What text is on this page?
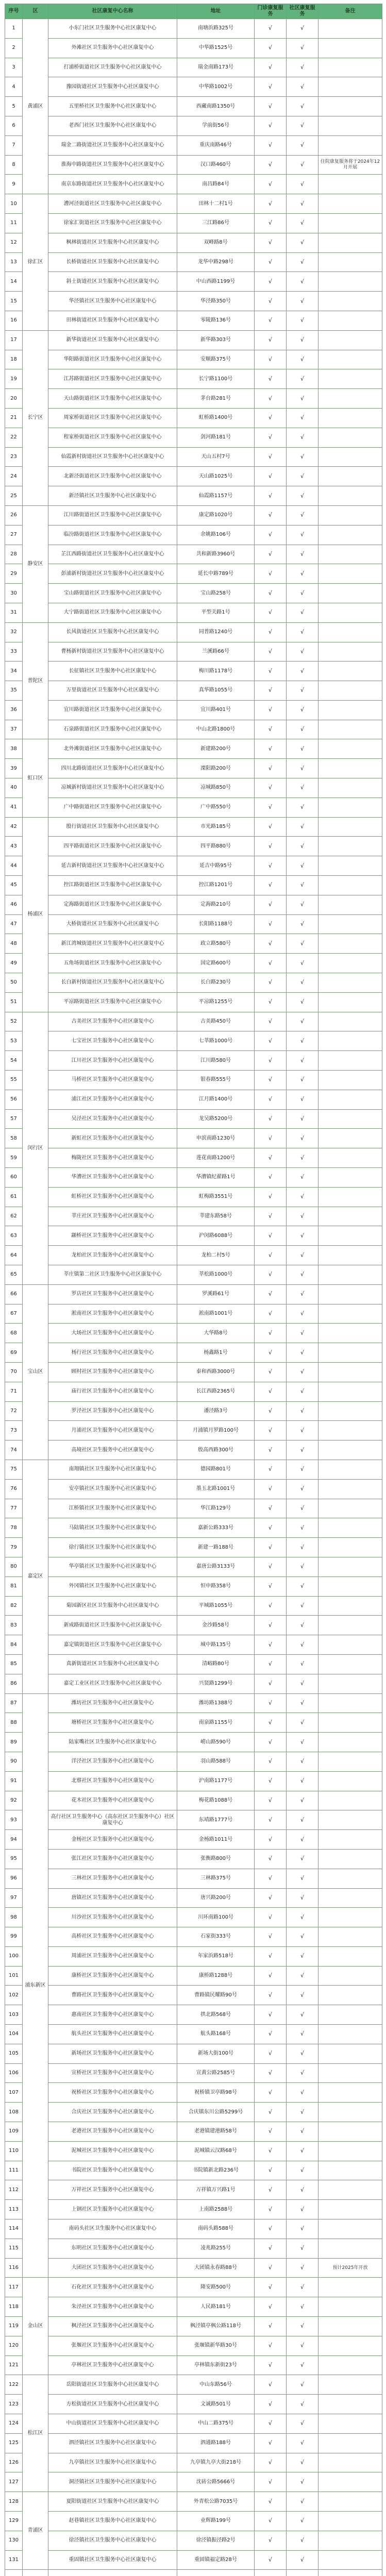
序号	区	社区康复中心名称	地址	门诊康复服务	社区康复服务	备注
1	黄浦区	小东门社区卫生服务中心社区康复中心	南塘浜路325号	√	√	
2		外滩社区卫生服务中心社区康复中心	中华路1525号	√	√	
3		打浦桥街道社区卫生服务中心社区康复中心	瑞金南路173号	√	√	
4		豫园街道社区卫生服务中心社区康复中心	中华路1002号	√	√	
5		五里桥社区卫生服务中心社区康复中心	西藏南路1350号	√	√	
6		老西门社区卫生服务中心社区康复中心	学前街56号	√	√	
7		瑞金二路街道社区卫生服务中心社区康复中心	重庆南路46号	√	√	
8		淮海中路街道社区卫生服务中心社区康复中心	汉口路460号	√	√	住院康复服务将于2024年12月开展
9		南京东路街道社区卫生服务中心社区康复中心	南昌路84号	√	√	
10	徐汇区	漕河泾街道社区卫生服务中心社区康复中心	田林十二村1号	√	√	
11		徐家汇街道社区卫生服务中心社区康复中心	三江路86号	√	√	
12		枫林街道社区卫生服务中心社区康复中心	双峰路8号	√	√	
13		长桥街道社区卫生服务中心社区康复中心	龙华中路298号	√	√	
14		斜土街道社区卫生服务中心社区康复中心	中山西路1199号	√	√	
15		华泾镇社区卫生服务中心社区康复中心	华泾路350号	√	√	
16		田林街道社区卫生服务中心社区康复中心	零陵路136号	√	√	
17	长宁区	新华街道社区卫生服务中心社区康复中心	新华路303号	√	√	
18		华阳路街道社区卫生服务中心社区康复中心	安顺路375号	√	√	
19		江苏路街道社区卫生服务中心社区康复中心	长宁路1100号	√	√	
20		天山路街道社区卫生服务中心社区康复中心	茅台路281号	√	√	
21		周家桥街道社区卫生服务中心社区康复中心	虹桥路1400号	√	√	
22		程家桥街道社区卫生服务中心社区康复中心	剑河路181号	√	√	
23		仙霞新村街道社区卫生服务中心社区康复中心	天山五村7号	√	√	
24		北新泾街道社区卫生服务中心社区康复中心	天山路1025号	√	√	
25		新泾镇社区卫生服务中心社区康复中心	仙霞路1157号	√	√	
26	静安区	江川路街道社区卫生服务中心社区康复中心	康定路1020号	√	√	
27		临汾路街道社区卫生服务中心社区康复中心	余姚路106号	√	√	
28		芷江西路街道社区卫生服务中心社区康复中心	共和新路3960号	√	√	
29		彭浦新村街道社区卫生服务中心社区康复中心	延长中路789号	√	√	
30		宝山路街道社区卫生服务中心社区康复中心	宝山路258号	√	√	
31		大宁路街道社区卫生服务中心社区康复中心	平型关路1号	√	√	
32	普陀区	长风街道社区卫生服务中心社区康复中心	同普路1240号	√	√	
33		曹杨新村街道社区卫生服务中心社区康复中心	兰溪路66号	√	√	
34		长征镇社区卫生服务中心社区康复中心	梅川路1178号	√	√	
35		万里街道社区卫生服务中心社区康复中心	真华路1055号	√	√	
36		宜川路街道社区卫生服务中心社区康复中心	宜川路401号	√	√	
37		石泉路街道社区卫生服务中心社区康复中心	中山北路1800号	√	√	
38	虹口区	北外滩街道社区卫生服务中心社区康复中心	新建路200号	√	√	
39		四川北路街道社区卫生服务中心社区康复中心	溧阳路200号	√	√	
40		凉城新村街道社区卫生服务中心社区康复中心	凉城路850号	√	√	
41		广中路街道社区卫生服务中心社区康复中心	广中路550号	√	√	
42	杨浦区	殷行街道社区卫生服务中心社区康复中心	市光路185号	√	√	
43		四平路街道社区卫生服务中心社区康复中心	四平路880号	√	√	
44		延吉新村街道社区卫生服务中心社区康复中心	延吉中路95号	√	√	
45		控江路街道社区卫生服务中心社区康复中心	控江路1201号	√	√	
46		定海路街道社区卫生服务中心社区康复中心	定海路210号	√	√	
47		大桥街道社区卫生服务中心社区康复中心	长阳路1188号	√	√	
48		新江湾城街道社区卫生服务中心社区康复中心	政立路580号	√	√	
49		五角场街道社区卫生服务中心社区康复中心	国定路600号	√	√	
50		长白新村街道社区卫生服务中心社区康复中心	长白路230号	√	√	
51		平凉路街道社区卫生服务中心社区康复中心	平凉路1255号	√	√	
52	闵行区	古美社区卫生服务中心社区康复中心	古美路450号	√	√	
53		七宝社区卫生服务中心社区康复中心	七莘路1000号	√	√	
54		江川社区卫生服务中心社区康复中心	江川路580号	√	√	
55		马桥社区卫生服务中心社区康复中心	银春路555号	√	√	
56		浦江社区卫生服务中心社区康复中心	江月路1400号	√	√	
57		吴泾社区卫生服务中心社区康复中心	龙吴路5200号	√	√	
58		新虹社区卫生服务中心社区康复中心	申滨南路1230号	√	√	
59		梅陇社区卫生服务中心社区康复中心	莲花南路1200号	√	√	
60		华漕社区卫生服务中心社区康复中心	华漕镇纪翟路1号	√	√	
61		虹桥社区卫生服务中心社区康复中心	虹梅路3551号	√	√	
62		莘庄社区卫生服务中心社区康复中心	莘建东路58号	√	√	
63		颛桥社区卫生服务中心社区康复中心	沪闵路6088号	√	√	
64		龙柏社区卫生服务中心社区康复中心	龙柏二村5号	√	√	
65		莘庄镇第二社区卫生服务中心社区康复中心	莘松路1000号	√	√	
66	宝山区	罗店社区卫生服务中心社区康复中心	罗溪路61号	√	√	
67		淞南社区卫生服务中心社区康复中心	淞南路1001号	√	√	
68		大场社区卫生服务中心社区康复中心	大华路8号	√	√	
69		杨行社区卫生服务中心社区康复中心	杨鑫路1号	√	√	
70		顾村社区卫生服务中心社区康复中心	泰和西路3000号	√	√	
71		庙行社区卫生服务中心社区康复中心	长江西路2365号	√	√	
72		罗泾社区卫生服务中心社区康复中心	潘泾路3号	√	√	
73		月浦社区卫生服务中心社区康复中心	月浦镇月罗路100号	√	√	
74		高境社区卫生服务中心社区康复中心	殷高西路300号	√	√	
75	嘉定区	南翔镇社区卫生服务中心社区康复中心	德园路801号	√	√	
76		安亭镇社区卫生服务中心社区康复中心	墨玉北路1001号	√	√	
77		江桥镇社区卫生服务中心社区康复中心	华江路129号	√	√	
78		马陆镇社区卫生服务中心社区康复中心	嘉新公路333号	√	√	
79		徐行镇社区卫生服务中心社区康复中心	新建一路188号	√	√	
80		华亭镇社区卫生服务中心社区康复中心	嘉唐公路3133号	√	√	
81		外冈镇社区卫生服务中心社区康复中心	恒申路358号	√	√	
82		菊园新区社区卫生服务中心社区康复中心	平城路1055号	√	√	
83		新成路街道社区卫生服务中心社区康复中心	金沙路58号	√	√	
84		嘉定镇街道社区卫生服务中心社区康复中心	城中路135号	√	√	
85		真新街道社区卫生服务中心社区康复中心	清峪路80号	√	√	
86		嘉定工业区社区卫生服务中心社区康复中心	兴贤路1299号	√	√	
87	浦东新区	潍坊社区卫生服务中心社区康复中心	潍坊路1388号	√	√	
88		塘桥社区卫生服务中心社区康复中心	南泉路1155号	√	√	
89		陆家嘴社区卫生服务中心社区康复中心	崂山路590号	√	√	
90		洋泾社区卫生服务中心社区康复中心	羽山路588号	√	√	
91		北蔡社区卫生服务中心社区康复中心	沪南路1177号	√	√	
92		花木社区卫生服务中心社区康复中心	梅花路1088号	√	√	
93		高行社区卫生服务中心（高东社区卫生服务中心）社区康复中心	东靖路1777号	√	√	
94		金杨社区卫生服务中心社区康复中心	金杨路1011号	√	√	
95		张江社区卫生服务中心社区康复中心	张衡路800号	√	√	
96		三林社区卫生服务中心社区康复中心	三林路375号	√	√	
97		唐镇社区卫生服务中心社区康复中心	唐兴路200号	√	√	
98		川沙社区卫生服务中心社区康复中心	川环南路100号	√	√	
99		高桥社区卫生服务中心社区康复中心	石家街333号	√	√	
100		周浦社区卫生服务中心社区康复中心	年家浜路518号	√	√	
101		康桥社区卫生服务中心社区康复中心	康桥路1288号	√	√	
102		曹路社区卫生服务中心社区康复中心	曹路镇民耀路90号	√	√	
103		惠南社区卫生服务中心社区康复中心	拱北路568号	√	√	
104		航头社区卫生服务中心社区康复中心	航头路168号	√	√	
105		新场社区卫生服务中心社区康复中心	新场大街100号	√	√	
106		宣桥社区卫生服务中心社区康复中心	宣黄公路2585号	√	√	
107		祝桥社区卫生服务中心社区康复中心	祝桥镇卫亭路98号	√	√	
108		合庆社区卫生服务中心社区康复中心	合庆镇东川公路5299号	√	√	
109		老港社区卫生服务中心社区康复中心	老港镇建港路58号	√	√	
110		泥城社区卫生服务中心社区康复中心	泥城镇云汉路68号	√	√	
111		书院社区卫生服务中心社区康复中心	书院镇新北路236号	√	√	
112		万祥社区卫生服务中心社区康复中心	万祥镇万兴路1号	√	√	
113		上钢社区卫生服务中心社区康复中心	上南路2588号	√	√	
114		南码头社区卫生服务中心社区康复中心	南码头路588号	√	√	
115		东明社区卫生服务中心社区康复中心	凌兆路255号	√	√	
116		大团社区卫生服务中心社区康复中心	大团镇永春路88号	√	√	预计2025年开放
117	金山区	石化社区卫生服务中心社区康复中心	隆安路500号	√	√	
118		朱泾社区卫生服务中心社区康复中心	人民路181号	√	√	
119		枫泾社区卫生服务中心社区康复中心	枫泾镇亭枫公路118号	√	√	
120		张堰社区卫生服务中心社区康复中心	张堰镇新华路30号	√	√	
121		亭林社区卫生服务中心社区康复中心	亭林镇东新街23号	√	√	
122	松江区	岳阳街道社区卫生服务中心社区康复中心	中山东路56号	√	√	
123		方松街道社区卫生服务中心社区康复中心	文诚路501号	√	√	
124		中山街道社区卫生服务中心社区康复中心	中山二路375号	√	√	
125		泗泾镇社区卫生服务中心社区康复中心	泗通路188号	√	√	
126		九亭镇社区卫生服务中心社区康复中心	九亭镇九亭大街218号	√	√	
127		洞泾镇社区卫生服务中心社区康复中心	沈砖公路5666号	√	√	
128	青浦区	夏阳街道社区卫生服务中心社区康复中心	外青松公路7035号	√	√	
129		赵巷镇社区卫生服务中心社区康复中心	业辉路199号	√	√	
130		徐泾镇社区卫生服务中心社区康复中心	徐泾镇振泾路2号	√	√	
131		重固镇社区卫生服务中心社区康复中心	重固镇福定路28号	√	√	
